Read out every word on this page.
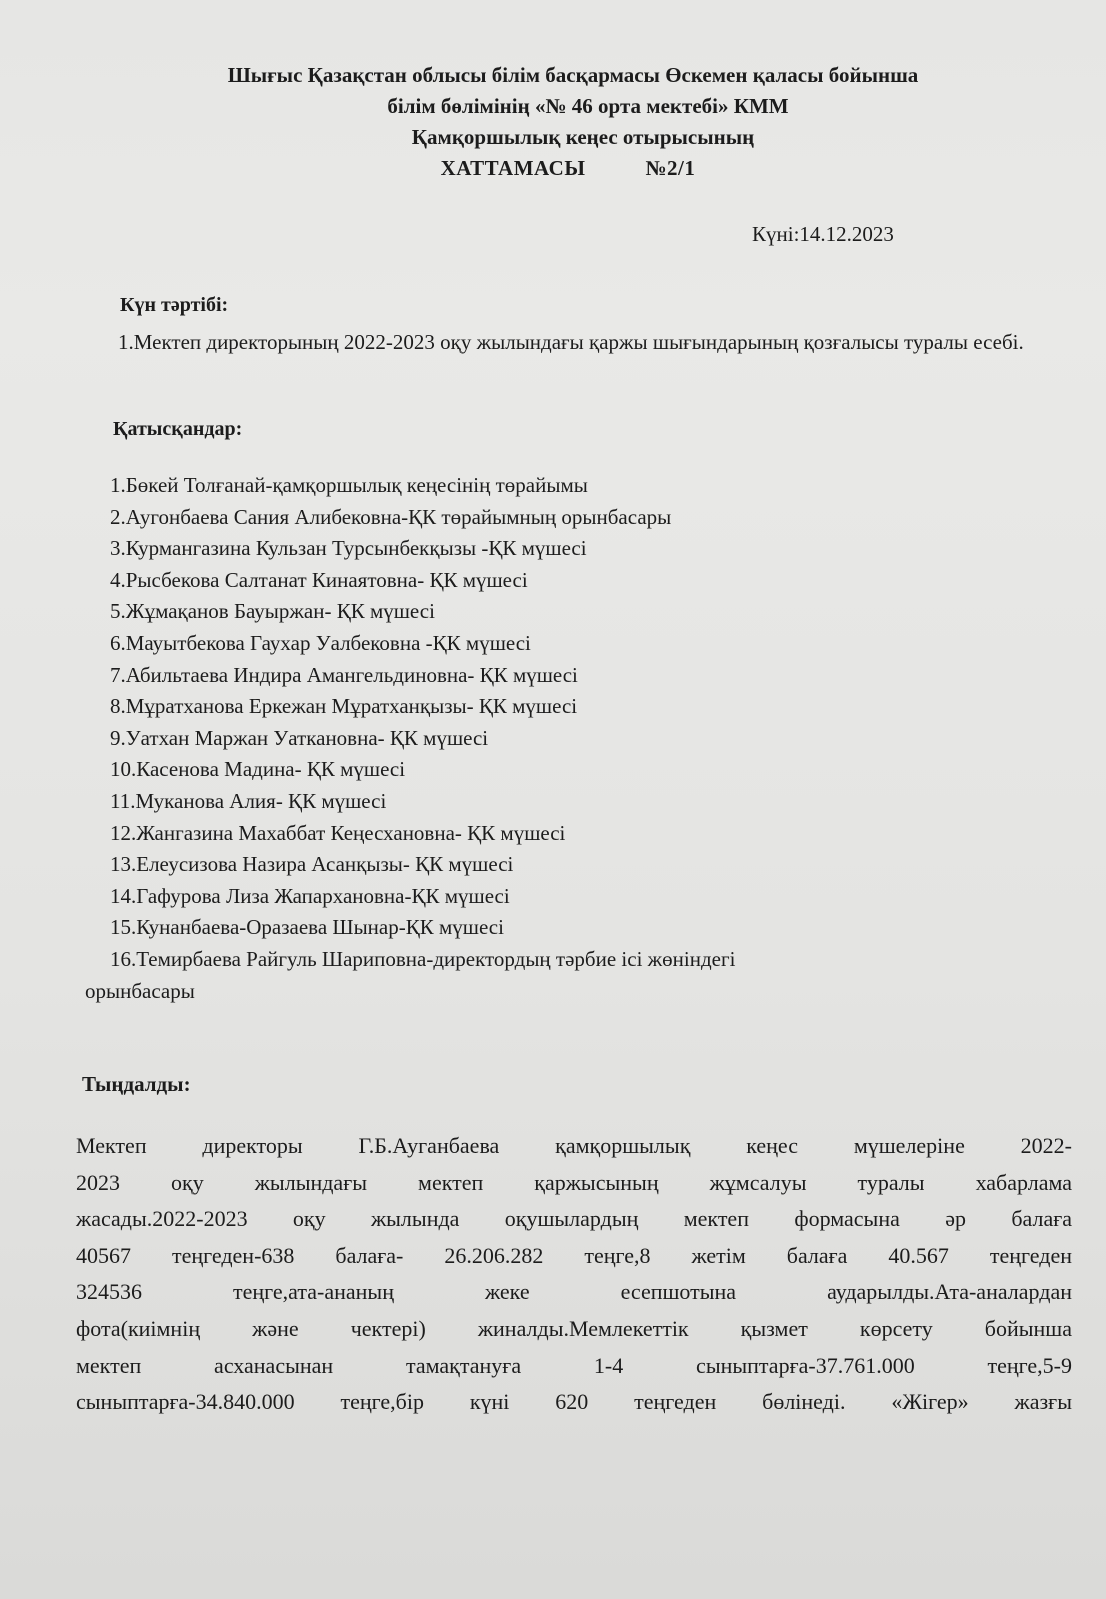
Шығыс Қазақстан облысы білім басқармасы Өскемен қаласы бойынша
білім бөлімінің «№ 46 орта мектебі» КММ
Қамқоршылық кеңес отырысының
ХАТТАМАСЫ	№2/1
Күні:14.12.2023
Күн тәртібі:
1.Мектеп директорының 2022-2023 оқу жылындағы қаржы шығындарының қозғалысы туралы есебі.
Қатысқандар:
1.Бөкей Толғанай-қамқоршылық кеңесінің төрайымы
2.Аугонбаева Сания Алибековна-ҚК төрайымның орынбасары
3.Курмангазина Кульзан Турсынбекқызы -ҚК мүшесі
4.Рысбекова Салтанат Кинаятовна- ҚК мүшесі
5.Жұмақанов Бауыржан- ҚК мүшесі
6.Мауытбекова Гаухар Уалбековна -ҚК мүшесі
7.Абильтаева Индира Амангельдиновна- ҚК мүшесі
8.Мұратханова Еркежан Мұратханқызы- ҚК мүшесі
9.Уатхан Маржан Уаткановна- ҚК мүшесі
10.Касенова Мадина- ҚК мүшесі
11.Муканова Алия- ҚК мүшесі
12.Жангазина Махаббат Кеңесхановна- ҚК мүшесі
13.Елеусизова Назира Асанқызы- ҚК мүшесі
14.Гафурова Лиза Жапархановна-ҚК мүшесі
15.Кунанбаева-Оразаева Шынар-ҚК мүшесі
16.Темирбаева Райгуль Шариповна-директордың тәрбие ісі жөніндегі
орынбасары
Тыңдалды:
Мектеп директоры Г.Б.Ауганбаева қамқоршылық кеңес мүшелеріне 2022-
2023 оқу жылындағы мектеп қаржысының жұмсалуы туралы хабарлама
жасады.2022-2023 оқу жылында оқушылардың мектеп формасына әр балаға
40567 теңгеден-638 балаға- 26.206.282 теңге,8 жетім балаға 40.567 теңгеден
324536 теңге,ата-ананың жеке есепшотына аударылды.Ата-аналардан
фота(киімнің және чектері) жиналды.Мемлекеттік қызмет көрсету бойынша
мектеп асханасынан тамақтануға 1-4 сыныптарға-37.761.000 теңге,5-9
сыныптарға-34.840.000 теңге,бір күні 620 теңгеден бөлінеді. «Жігер» жазғы
